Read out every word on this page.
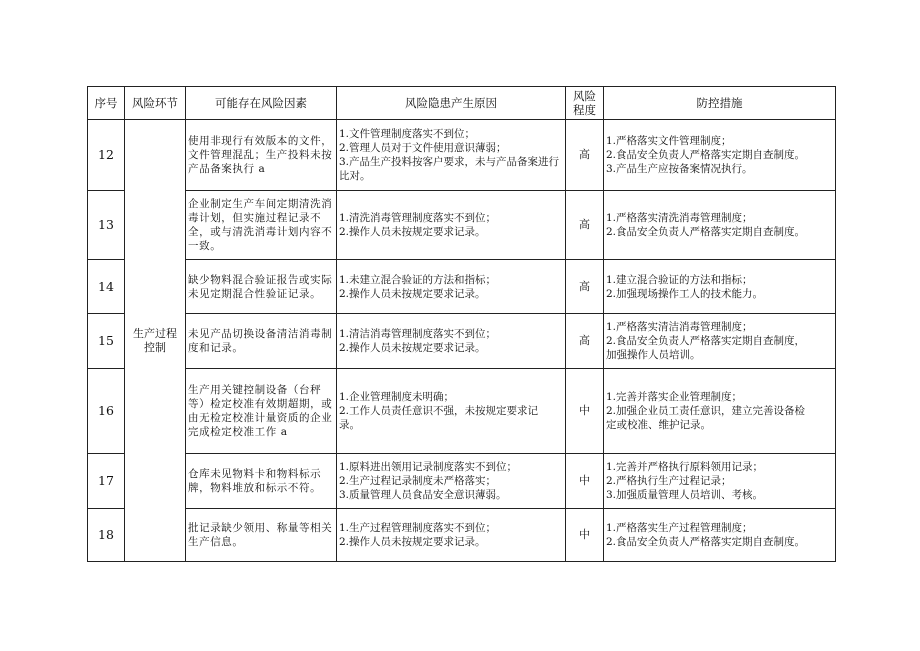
序号	风险环节	可能存在风险因素	风险隐患产生原因	风险程度	防控措施
12	生产过程控制	使用非现行有效版本的文件，文件管理混乱；生产投料未按产品备案执行 a	1.文件管理制度落实不到位；
2.管理人员对于文件使用意识薄弱；
3.产品生产投料按客户要求，未与产品备案进行比对。	高	1.严格落实文件管理制度；
2.食品安全负责人严格落实定期自查制度。
3.产品生产应按备案情况执行。

13		企业制定生产车间定期清洗消毒计划，但实施过程记录不全，或与清洗消毒计划内容不一致。	1.清洗消毒管理制度落实不到位；
2.操作人员未按规定要求记录。	高	1.严格落实清洗消毒管理制度；
2.食品安全负责人严格落实定期自查制度。

14		缺少物料混合验证报告或实际未见定期混合性验证记录。	1.未建立混合验证的方法和指标；
2.操作人员未按规定要求记录。	高	1.建立混合验证的方法和指标；
2.加强现场操作工人的技术能力。

15		未见产品切换设备清洁消毒制度和记录。	1.清洁消毒管理制度落实不到位；
2.操作人员未按规定要求记录。	高	1.严格落实清洁消毒管理制度；
2.食品安全负责人严格落实定期自查制度，
加强操作人员培训。

16		生产用关键控制设备（台秤等）检定校准有效期超期，或由无检定校准计量资质的企业完成检定校准工作 a	1.企业管理制度未明确；
2.工作人员责任意识不强，未按规定要求记
录。	中	1.完善并落实企业管理制度；
2.加强企业员工责任意识，建立完善设备检
定或校准、维护记录。

17		仓库未见物料卡和物料标示牌，物料堆放和标示不符。	1.原料进出领用记录制度落实不到位；
2.生产过程记录制度未严格落实；
3.质量管理人员食品安全意识薄弱。	中	1.完善并严格执行原料领用记录；
2.严格执行生产过程记录；
3.加强质量管理人员培训、考核。

18		批记录缺少领用、称量等相关生产信息。	1.生产过程管理制度落实不到位；
2.操作人员未按规定要求记录。	中	1.严格落实生产过程管理制度；
2.食品安全负责人严格落实定期自查制度。
